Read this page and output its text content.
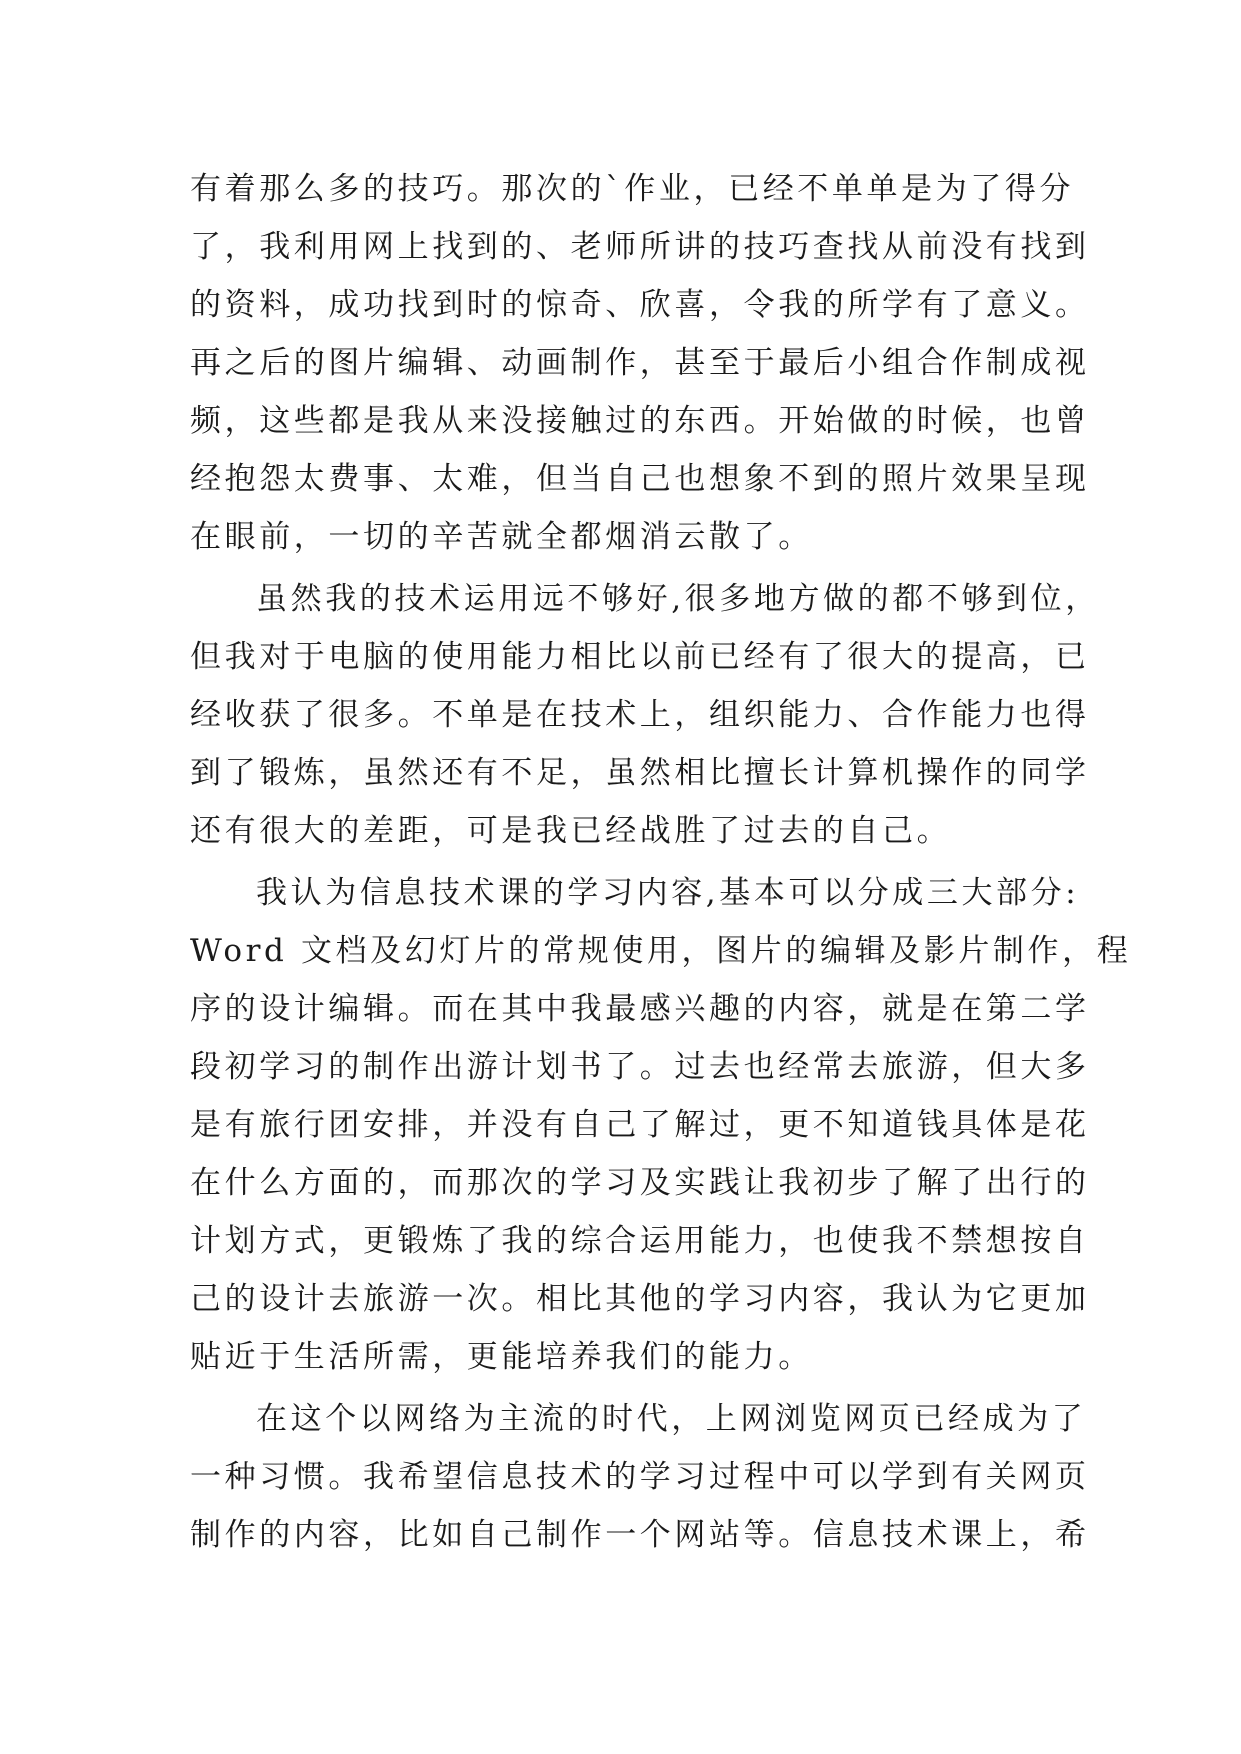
有着那么多的技巧。那次的`作业，已经不单单是为了得分
了，我利用网上找到的、老师所讲的技巧查找从前没有找到
的资料，成功找到时的惊奇、欣喜，令我的所学有了意义。
再之后的图片编辑、动画制作，甚至于最后小组合作制成视
频，这些都是我从来没接触过的东西。开始做的时候，也曾
经抱怨太费事、太难，但当自己也想象不到的照片效果呈现
在眼前，一切的辛苦就全都烟消云散了。
虽然我的技术运用远不够好,很多地方做的都不够到位，
但我对于电脑的使用能力相比以前已经有了很大的提高，已
经收获了很多。不单是在技术上，组织能力、合作能力也得
到了锻炼，虽然还有不足，虽然相比擅长计算机操作的同学
还有很大的差距，可是我已经战胜了过去的自己。
我认为信息技术课的学习内容,基本可以分成三大部分:
Word 文档及幻灯片的常规使用，图片的编辑及影片制作，程
序的设计编辑。而在其中我最感兴趣的内容，就是在第二学
段初学习的制作出游计划书了。过去也经常去旅游，但大多
是有旅行团安排，并没有自己了解过，更不知道钱具体是花
在什么方面的，而那次的学习及实践让我初步了解了出行的
计划方式，更锻炼了我的综合运用能力，也使我不禁想按自
己的设计去旅游一次。相比其他的学习内容，我认为它更加
贴近于生活所需，更能培养我们的能力。
在这个以网络为主流的时代，上网浏览网页已经成为了
一种习惯。我希望信息技术的学习过程中可以学到有关网页
制作的内容，比如自己制作一个网站等。信息技术课上，希
